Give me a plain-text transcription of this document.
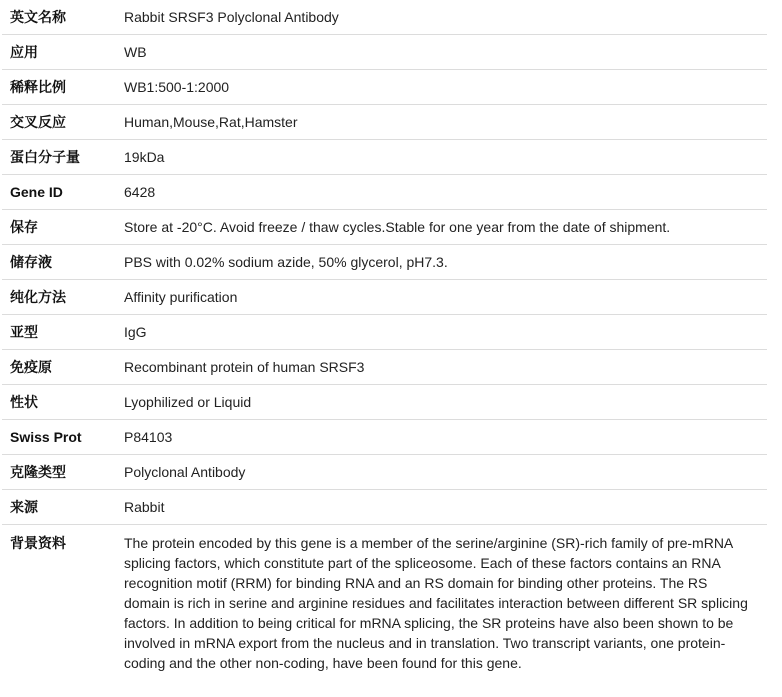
英文名称	Rabbit SRSF3 Polyclonal Antibody
应用	WB
稀释比例	WB1:500-1:2000
交叉反应	Human,Mouse,Rat,Hamster
蛋白分子量	19kDa
Gene ID	6428
保存	Store at -20°C. Avoid freeze / thaw cycles.Stable for one year from the date of shipment.
储存液	PBS with 0.02% sodium azide, 50% glycerol, pH7.3.
纯化方法	Affinity purification
亚型	IgG
免疫原	Recombinant protein of human SRSF3
性状	Lyophilized or Liquid
Swiss Prot	P84103
克隆类型	Polyclonal Antibody
来源	Rabbit
背景资料	The protein encoded by this gene is a member of the serine/arginine (SR)-rich family of pre-mRNA splicing factors, which constitute part of the spliceosome. Each of these factors contains an RNA recognition motif (RRM) for binding RNA and an RS domain for binding other proteins. The RS domain is rich in serine and arginine residues and facilitates interaction between different SR splicing factors. In addition to being critical for mRNA splicing, the SR proteins have also been shown to be involved in mRNA export from the nucleus and in translation. Two transcript variants, one protein-coding and the other non-coding, have been found for this gene.
